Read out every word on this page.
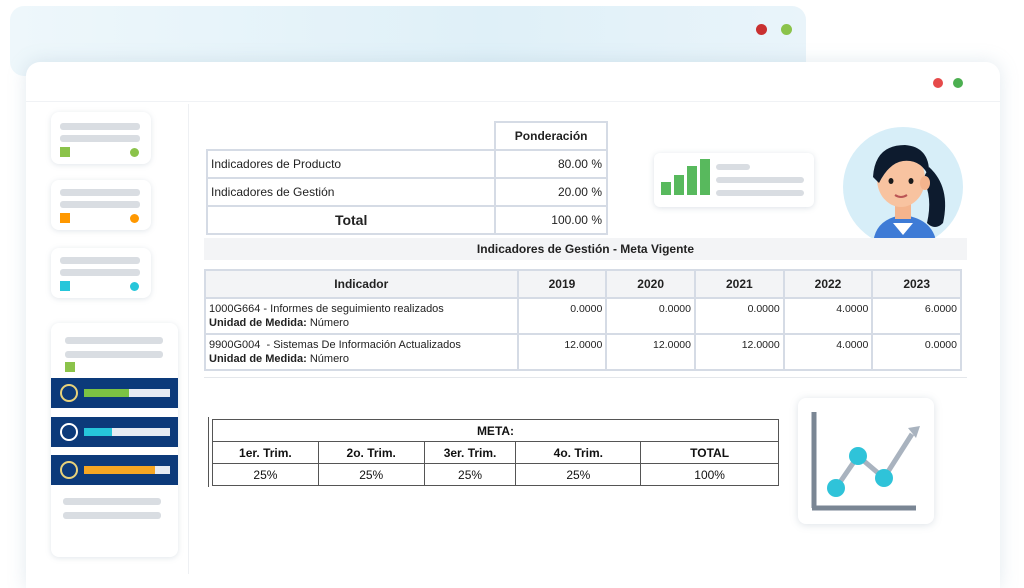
	Ponderación
Indicadores de Producto	80.00 %
Indicadores de Gestión	20.00 %
Total	100.00 %
Indicadores de Gestión - Meta Vigente
Indicador	2019	2020	2021	2022	2023
1000G664 - Informes de seguimiento realizados
Unidad de Medida: Número	0.0000	0.0000	0.0000	4.0000	6.0000
9900G004  - Sistemas De Información Actualizados
Unidad de Medida: Número	12.0000	12.0000	12.0000	4.0000	0.0000
META:				
1er. Trim.	2o. Trim.	3er. Trim.	4o. Trim.	TOTAL
25%	25%	25%	25%	100%
